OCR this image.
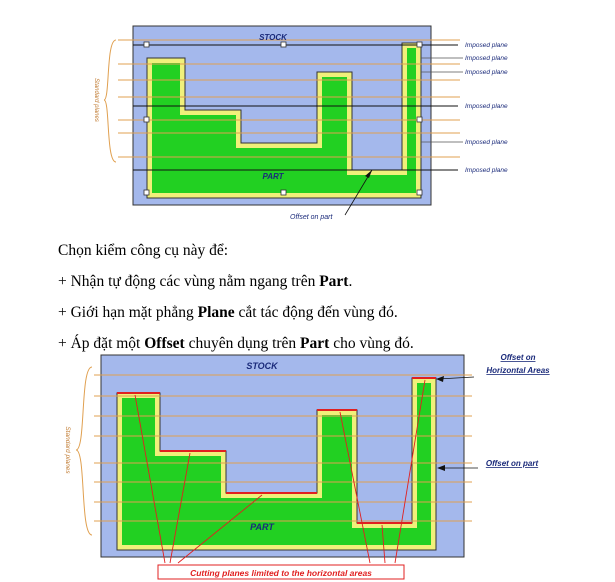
Standard planes
STOCK
PART
Imposed plane
Imposed plane
Imposed plane
Imposed plane
Imposed plane
Imposed plane
Offset on part

Chọn kiểm công cụ này để:

+ Nhận tự động các vùng nằm ngang trên Part.

+ Giới hạn mặt phẳng Plane cắt tác động đến vùng đó.

+ Áp đặt một Offset chuyên dụng trên Part cho vùng đó.

Standard planes
STOCK
PART
Offset on
Horizontal Areas
Offset on part
Cutting planes limited to the horizontal areas
